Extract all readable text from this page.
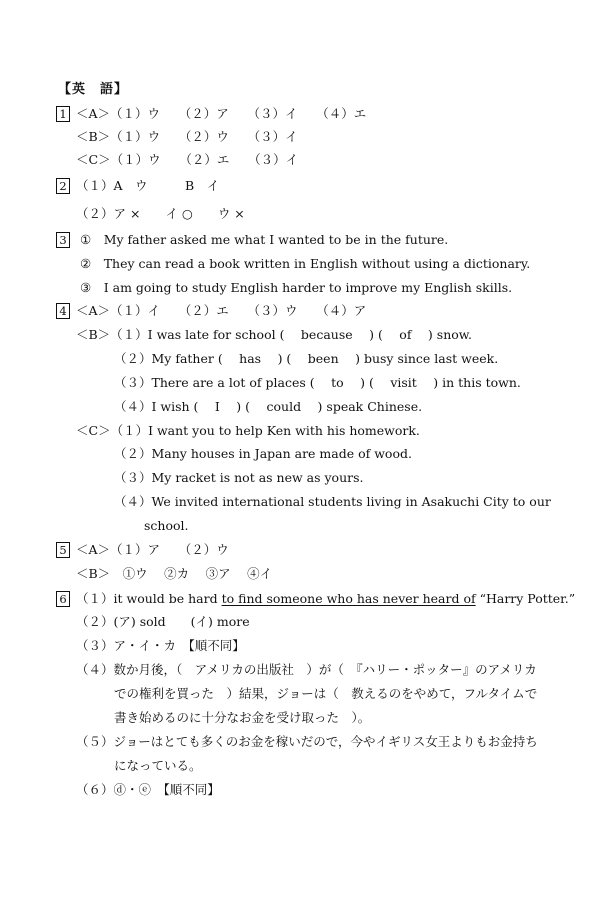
【英　語】
1 ＜A＞（１）ウ　　（２）ア　　（３）イ　　（４）エ
＜B＞（１）ウ　　（２）ウ　　（３）イ
＜C＞（１）ウ　　（２）エ　　（３）イ
2 （１）A　ウ　　　B　イ
（２）ア ×　　イ ○　　ウ ×
3 ①　My father asked me what I wanted to be in the future.
②　They can read a book written in English without using a dictionary.
③　I am going to study English harder to improve my English skills.
4 ＜A＞（１）イ　　（２）エ　　（３）ウ　　（４）ア
＜B＞（１）I was late for school (　 because　 ) (　 of　 ) snow.
（２）My father (　 has　 ) (　 been　 ) busy since last week.
（３）There are a lot of places (　 to　 ) (　 visit　 ) in this town.
（４）I wish (　 I　 ) (　 could　 ) speak Chinese.
＜C＞（１）I want you to help Ken with his homework.
（２）Many houses in Japan are made of wood.
（３）My racket is not as new as yours.
（４）We invited international students living in Asakuchi City to our
school.
5 ＜A＞（１）ア　　（２）ウ
＜B＞　①ウ　 ②カ　 ③ア　 ④イ
6 （１）it would be hard to find someone who has never heard of “Harry Potter.”
（２）(ア) sold　　(イ) more
（３）ア・イ・カ　【順不同】
（４）数か月後，（　アメリカの出版社　）が（　『ハリー・ポッター』のアメリカ
での権利を買った　）結果，ジョーは（　教えるのをやめて，フルタイムで
書き始めるのに十分なお金を受け取った　）。
（５）ジョーはとても多くのお金を稼いだので，今やイギリス女王よりもお金持ち
になっている。
（６）ⓓ・ⓔ　【順不同】
